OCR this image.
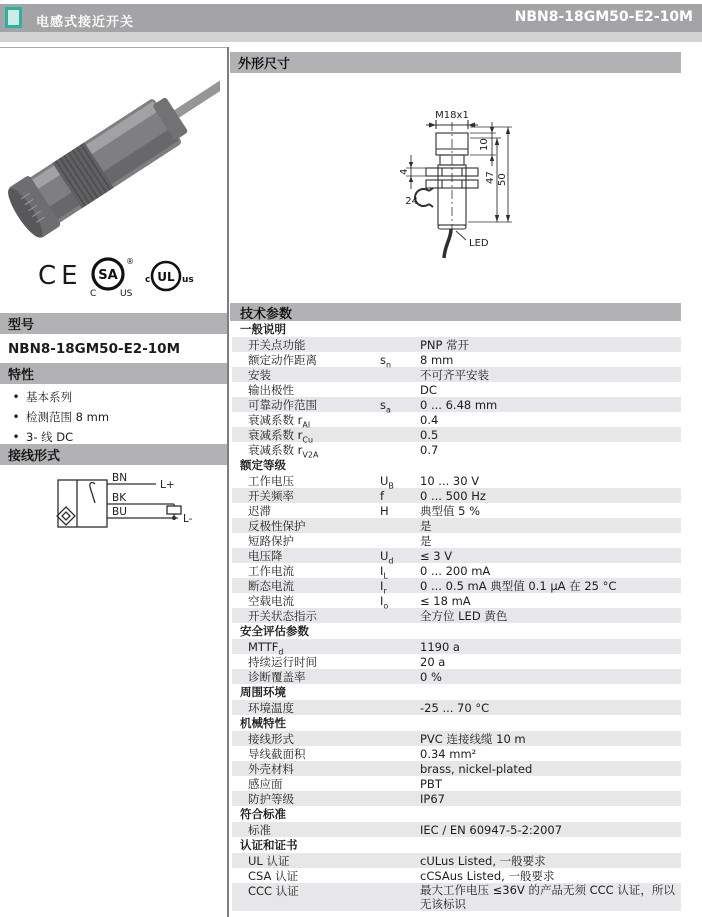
电感式接近开关	NBN8-18GM50-E2-10M
CE SA
C	US
®
UL
c	us
型号
NBN8-18GM50-E2-10M
特性
• 基本系列
• 检测范围 8 mm
• 3- 线 DC
接线形式
BN
BK
BU
L+
L-
外形尺寸
M18x1
10
47 50
4
24
LED
技术参数
一般说明
开关点功能	PNP 常开
额定动作距离	$s_n$	8 mm
安装	不可齐平安装
输出极性	DC
可靠动作范围	$s_a$	0 ... 6.48 mm
衰减系数 $r_{Al}$	0.4
衰减系数 $r_{Cu}$	0.5
衰减系数 $r_{V2A}$	0.7
额定等级
工作电压	$U_B$	10 ... 30 V
开关频率	f	0 ... 500 Hz
迟滞	H	典型值 5 %
反极性保护	是
短路保护	是
电压降	$U_d$	≤ 3 V
工作电流	$I_L$	0 ... 200 mA
断态电流	$I_r$	0 ... 0.5 mA 典型值 0.1 μA 在 25 °C
空载电流	$I_o$	≤ 18 mA
开关状态指示	全方位 LED 黄色
安全评估参数
$MTTF_d$	1190 a
持续运行时间	20 a
诊断覆盖率	0 %
周围环境
环境温度	-25 ... 70 °C
机械特性
接线形式	PVC 连接线缆 10 m
导线截面积	0.34 mm²
外壳材料	brass, nickel-plated
感应面	PBT
防护等级	IP67
符合标准
标准	IEC / EN 60947-5-2:2007
认证和证书
UL 认证	cULus Listed, 一般要求
CSA 认证	cCSAus Listed, 一般要求
CCC 认证	最大工作电压 ≤36V 的产品无须 CCC 认证，所以无该标识
